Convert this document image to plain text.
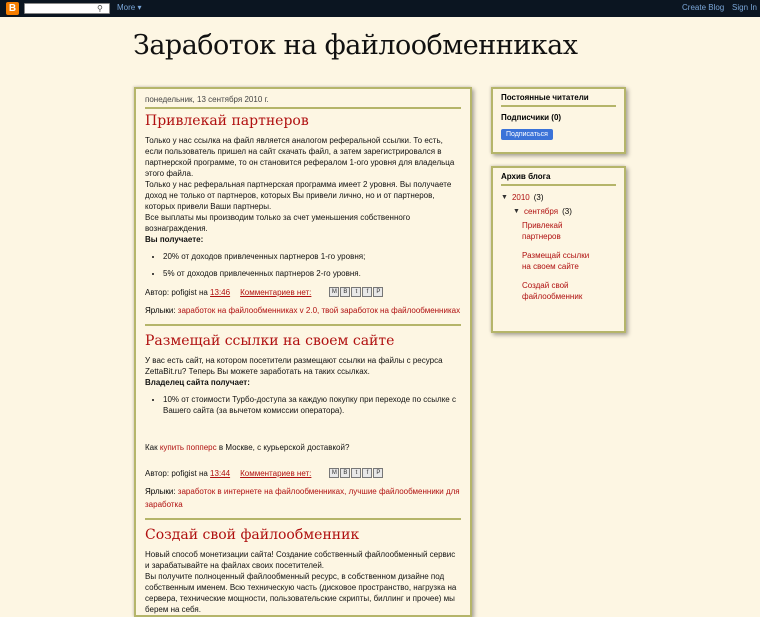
B	⚲	More ▾	Create Blog Sign In
Заработок на файлообменниках
понедельник, 13 сентября 2010 г.
Привлекай партнеров

Только у нас ссылка на файл является аналогом реферальной ссылки. То есть, если пользователь пришел на сайт скачать файл, а затем зарегистрировался в партнерской программе, то он становится рефералом 1-ого уровня для владельца этого файла.

Только у нас реферальная партнерская программа имеет 2 уровня. Вы получаете доход не только от партнеров, которых Вы привели лично, но и от партнеров, которых привели Ваши партнеры.

Все выплаты мы производим только за счет уменьшения собственного вознаграждения.

Вы получаете:

• 20% от доходов привлеченных партнеров 1-го уровня;
• 5% от доходов привлеченных партнеров 2-го уровня.
Автор:
pofigist
на
13:46 Комментариев нет:	M	B	t	f	P
Ярлыки: заработок на файлообменниках v 2.0, твой заработок на файлообменниках
Размещай ссылки на своем сайте

У вас есть сайт, на котором посетители размещают ссылки на файлы с ресурса ZettaBit.ru? Теперь Вы можете заработать на таких ссылках.

Владелец сайта получает:

• 10% от стоимости Турбо-доступа за каждую покупку при переходе по ссылке с Вашего сайта (за вычетом комиссии оператора).

Как купить попперс в Москве, с курьерской доставкой?

Автор:
pofigist
на
13:44 Комментариев нет:	M	B	t	f	P
Ярлыки: заработок в интернете на файлообменниках, лучшие файлообменники для заработка
Создай свой файлообменник

Новый способ монетизации сайта! Создание собственный файлообменный сервис и зарабатывайте на файлах своих посетителей.

Вы получите полноценный файлообменный ресурс, в собственном дизайне под собственным именем. Всю техническую часть (дисковое пространство, нагрузка на сервера, технические мощности, пользовательские скрипты, биллинг и прочее) мы берем на себя.

Постоянные читатели
Подписчики (0)
Подписаться
Архив блога
▼ 2010 (3)
▼ сентября (3)
Привлекай партнеров
Размещай ссылки на своем сайте
Создай свой файлообменник
